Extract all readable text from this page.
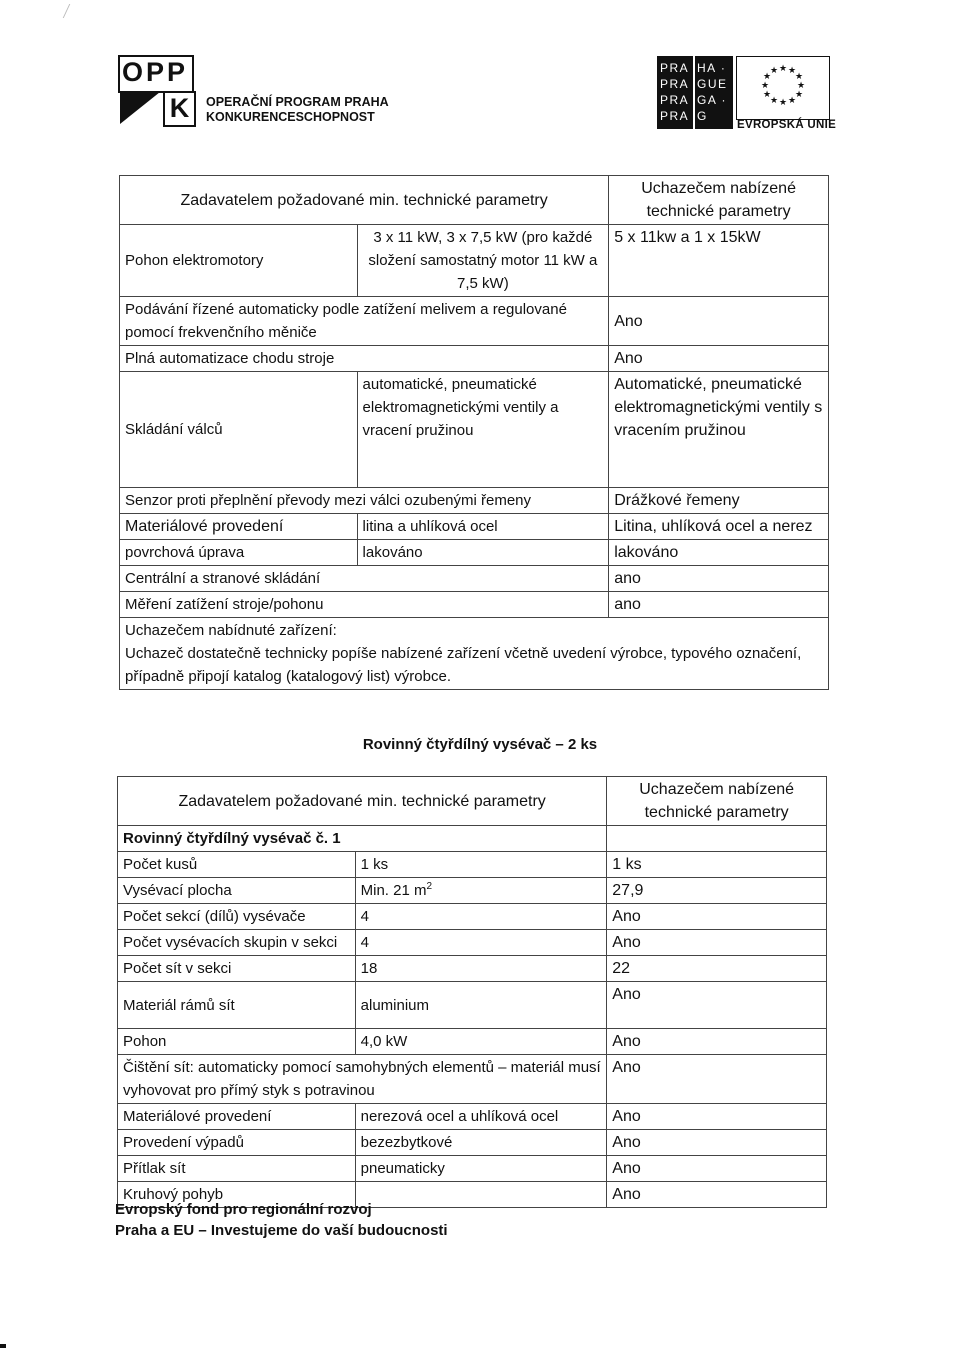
OPP
K	OPERAČNÍ PROGRAM PRAHA
KONKURENCESCHOPNOST
PRA
PRA
PRA
PRA
HA ·
GUE
GA ·
G
★ ★
★
★
★
★
★
★
★
★
★
★
EVROPSKÁ UNIE
Zadavatelem požadované min. technické parametry		Uchazečem nabízené technické parametry
Pohon elektromotory	3 x 11 kW, 3 x 7,5 kW (pro každé složení samostatný motor 11 kW a 7,5 kW)	5 x 11kw a 1 x 15kW
Podávání řízené automaticky podle zatížení melivem a regulované pomocí frekvenčního měniče		Ano
Plná automatizace chodu stroje		Ano
Skládání válců	automatické, pneumatické elektromagnetickými ventily a vracení pružinou	Automatické, pneumatické elektromagnetickými ventily s vracením pružinou
Senzor proti přeplnění převody mezi válci ozubenými řemeny		Drážkové řemeny
Materiálové provedení	litina a uhlíková ocel	Litina, uhlíková ocel a nerez
povrchová úprava	lakováno	lakováno
Centrální a stranové skládání		ano
Měření zatížení stroje/pohonu		ano

Uchazečem nabídnuté zařízení:
Uchazeč dostatečně technicky popíše nabízené zařízení včetně uvedení výrobce, typového označení, případně připojí katalog (katalogový list) výrobce.		
Rovinný čtyřdílný vysévač – 2 ks
Zadavatelem požadované min. technické parametry		Uchazečem nabízené technické parametry
Rovinný čtyřdílný vysévač č. 1		
Počet kusů	1 ks	1 ks
Vysévací plocha	Min. 21 $m^2$	27,9
Počet sekcí (dílů) vysévače	4	Ano
Počet vysévacích skupin v sekci	4	Ano
Počet sít v sekci	18	22
Materiál rámů sít	aluminium	Ano
Pohon	4,0 kW	Ano
Čištění sít: automaticky pomocí samohybných elementů – materiál musí vyhovovat pro přímý styk s potravinou		Ano
Materiálové provedení	nerezová ocel a uhlíková ocel	Ano
Provedení výpadů	bezezbytkové	Ano
Přítlak sít	pneumaticky	Ano
Kruhový pohyb		Ano
Evropský fond pro regionální rozvoj
Praha a EU – Investujeme do vaší budoucnosti
